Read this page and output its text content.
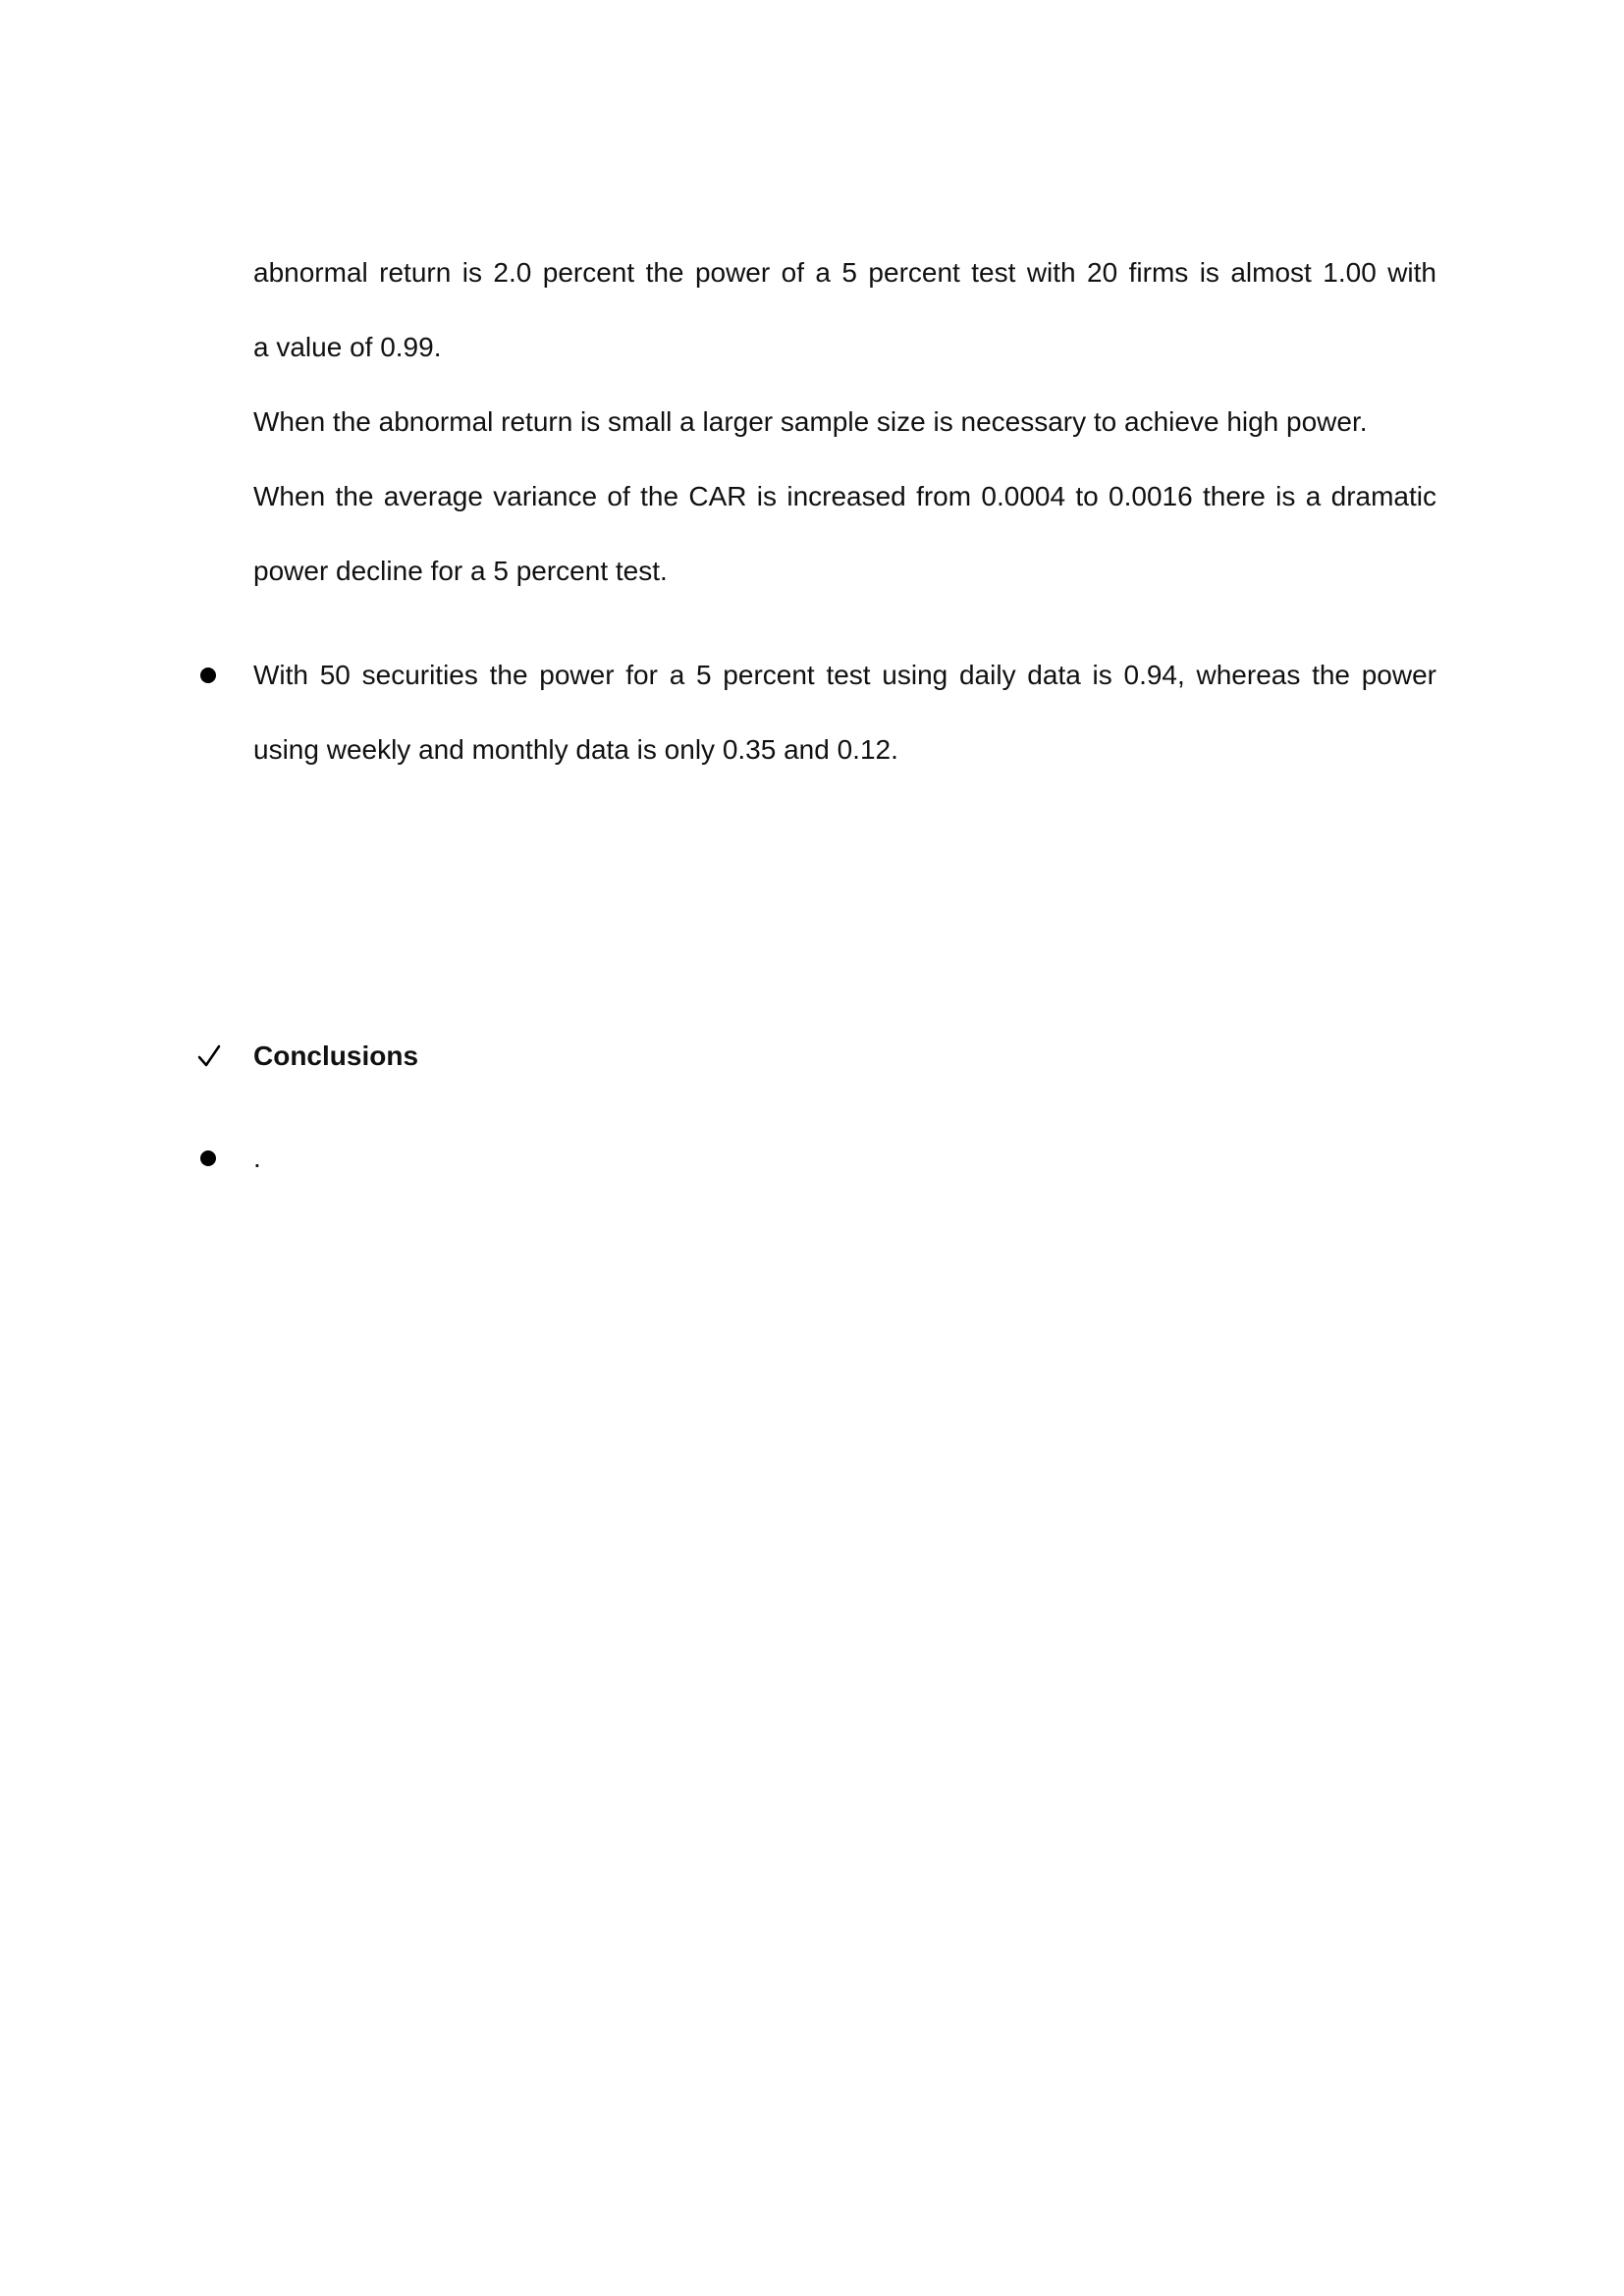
abnormal return is 2.0 percent the power of a 5 percent test with 20 firms is almost 1.00 with
a value of 0.99.
When the abnormal return is small a larger sample size is necessary to achieve high power.
When the average variance of the CAR is increased from 0.0004 to 0.0016 there is a dramatic
power decline for a 5 percent test.
With 50 securities the power for a 5 percent test using daily data is 0.94, whereas the power
using weekly and monthly data is only 0.35 and 0.12.
Conclusions
.
